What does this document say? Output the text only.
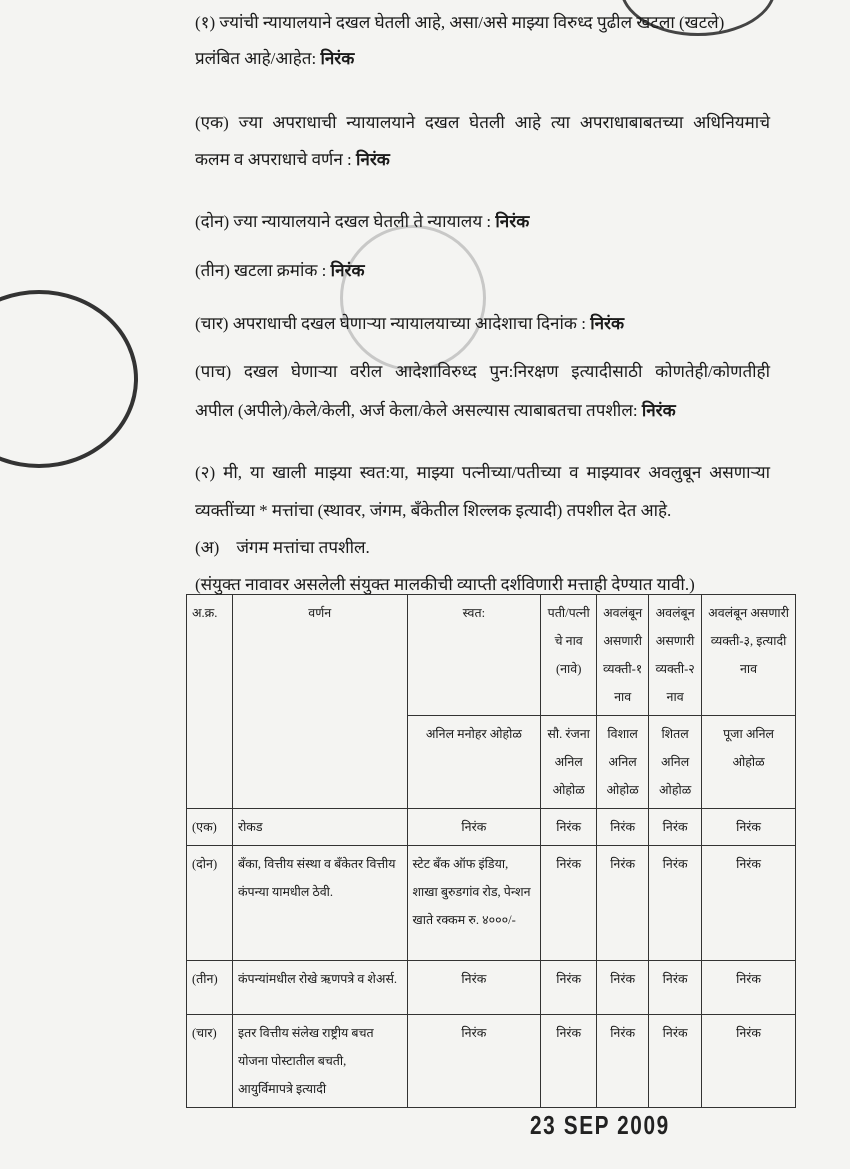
(१) ज्यांची न्यायालयाने दखल घेतली आहे, असा/असे माझ्या विरुध्द पुढील खटला (खटले)
प्रलंबित आहे/आहेत: निरंक
(एक) ज्या अपराधाची न्यायालयाने दखल घेतली आहे त्या अपराधाबाबतच्या अधिनियमाचे
कलम व अपराधाचे वर्णन : निरंक
(दोन) ज्या न्यायालयाने दखल घेतली ते न्यायालय : निरंक
(तीन) खटला क्रमांक : निरंक
(चार) अपराधाची दखल घेणाऱ्या न्यायालयाच्या आदेशाचा दिनांक : निरंक
(पाच) दखल घेणाऱ्या वरील आदेशाविरुध्द पुन:निरक्षण इत्यादीसाठी कोणतेही/कोणतीही
अपील (अपीले)/केले/केली, अर्ज केला/केले असल्यास त्याबाबतचा तपशील: निरंक
(२) मी, या खाली माझ्या स्वत:या, माझ्या पत्नीच्या/पतीच्या व माझ्यावर अवलुबून असणाऱ्या
व्यक्तींच्या * मत्तांचा (स्थावर, जंगम, बँकेतील शिल्लक इत्यादी) तपशील देत आहे.
(अ) जंगम मत्तांचा तपशील.
(संयुक्त नावावर असलेली संयुक्त मालकीची व्याप्ती दर्शविणारी मत्ताही देण्यात यावी.)
अ.क्र.	वर्णन	स्वत:	पती/पत्नी चे नाव (नावे)	अवलंबून असणारी व्यक्ती-१ नाव	अवलंबून असणारी व्यक्ती-२ नाव	अवलंबून असणारी व्यक्ती-३, इत्यादी नाव
		अनिल मनोहर ओहोळ	सौ. रंजना अनिल ओहोळ	विशाल अनिल ओहोळ	शितल अनिल ओहोळ	पूजा अनिल ओहोळ
(एक)	रोकड	निरंक	निरंक	निरंक	निरंक	निरंक
(दोन)	बँका, वित्तीय संस्था व बँकेतर वित्तीय कंपन्या यामधील ठेवी.	स्टेट बँक ऑफ इंडिया, शाखा बुरुडगांव रोड, पेन्शन खाते रक्कम रु. ४०००/-	निरंक	निरंक	निरंक	निरंक
(तीन)	कंपन्यांमधील रोखे ऋणपत्रे व शेअर्स.	निरंक	निरंक	निरंक	निरंक	निरंक
(चार)	इतर वित्तीय संलेख राष्ट्रीय बचत योजना पोस्टातील बचती, आयुर्विमापत्रे इत्यादी	निरंक	निरंक	निरंक	निरंक	निरंक
23 SEP 2009
